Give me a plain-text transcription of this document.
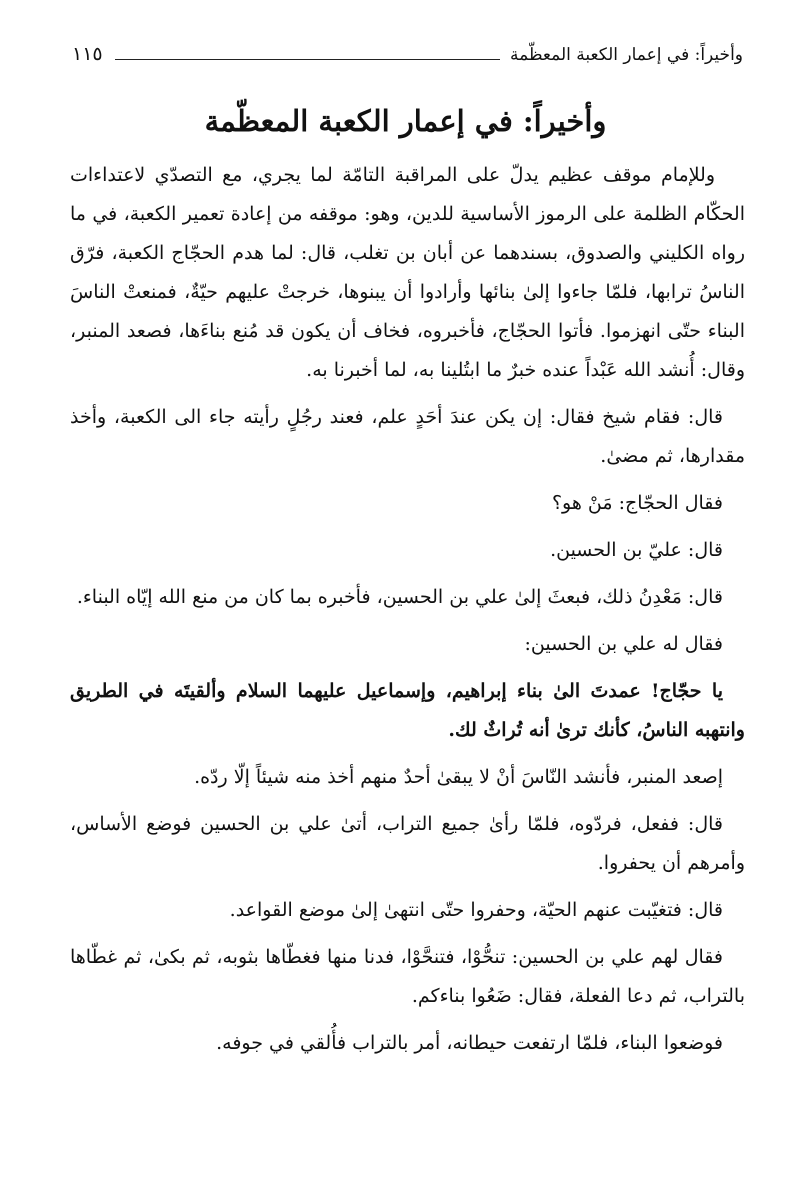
وأخيراً: في إعمار الكعبة المعظّمة
١١٥
وأخيراً: في إعمار الكعبة المعظّمة

وللإمام موقف عظيم يدلّ على المراقبة التامّة لما يجري، مع التصدّي لاعتداءات الحكّام الظلمة على الرموز الأساسية للدين، وهو: موقفه من إعادة تعمير الكعبة، في ما رواه الكليني والصدوق، بسندهما عن أبان بن تغلب، قال: لما هدم الحجّاج الكعبة، فرّق الناسُ ترابها، فلمّا جاءوا إلىٰ بنائها وأرادوا أن يبنوها، خرجتْ عليهم حيّةٌ، فمنعتْ الناسَ البناء حتّى انهزموا. فأتوا الحجّاج، فأخبروه، فخاف أن يكون قد مُنع بناءَها، فصعد المنبر، وقال: أُنشد الله عَبْداً عنده خبرٌ ما ابتُلينا به، لما أخبرنا به.

قال: فقام شيخ فقال: إن يكن عندَ أحَدٍ علم، فعند رجُلٍ رأيته جاء الى الكعبة، وأخذ مقدارها، ثم مضىٰ.

فقال الحجّاج: مَنْ هو؟

قال: عليّ بن الحسين.

قال: مَعْدِنُ ذلك، فبعثَ إلىٰ علي بن الحسين، فأخبره بما كان من منع الله إيّاه البناء.

فقال له علي بن الحسين:

يا حجّاج! عمدتَ الىٰ بناء إبراهيم، وإسماعيل عليهما السلام وألقيتَه في الطريق وانتهبه الناسُ، كأنك ترىٰ أنه تُراثٌ لك.

إصعد المنبر، فأنشد النّاسَ أنْ لا يبقىٰ أحدٌ منهم أخذ منه شيئاً إلّا ردّه.

قال: ففعل، فردّوه، فلمّا رأىٰ جميع التراب، أتىٰ علي بن الحسين فوضع الأساس، وأمرهم أن يحفروا.

قال: فتغيّبت عنهم الحيّة، وحفروا حتّى انتهىٰ إلىٰ موضع القواعد.

فقال لهم علي بن الحسين: تنحُّوْا، فتنحَّوْا، فدنا منها فغطّاها بثوبه، ثم بكىٰ، ثم غطّاها بالتراب، ثم دعا الفعلة، فقال: ضَعُوا بناءكم.

فوضعوا البناء، فلمّا ارتفعت حيطانه، أمر بالتراب فأُلقي في جوفه.
